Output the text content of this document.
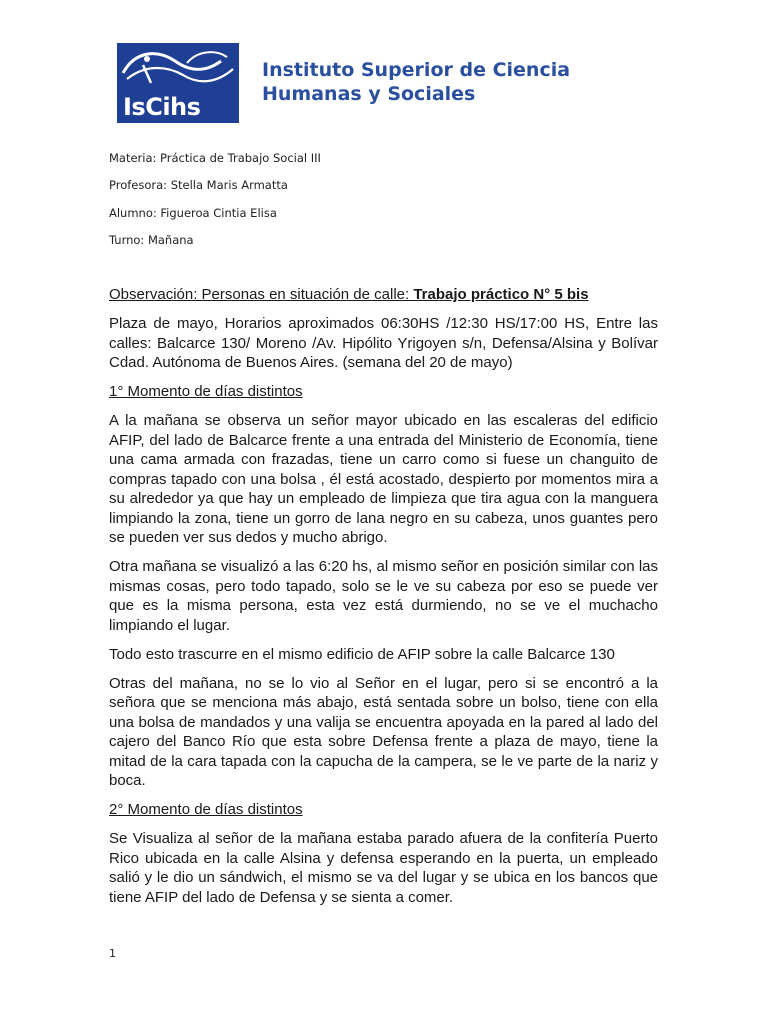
IsCihs
Instituto Superior de Ciencia
Humanas y Sociales
Materia: Práctica de Trabajo Social III
Profesora: Stella Maris Armatta
Alumno: Figueroa Cintia Elisa
Turno: Mañana

Observación: Personas en situación de calle: Trabajo práctico N° 5 bis

Plaza de mayo, Horarios aproximados 06:30HS /12:30 HS/17:00 HS, Entre las calles: Balcarce 130/ Moreno /Av. Hipólito Yrigoyen s/n, Defensa/Alsina y Bolívar Cdad. Autónoma de Buenos Aires. (semana del 20 de mayo)

1° Momento de días distintos

A la mañana se observa un señor mayor ubicado en las escaleras del edificio AFIP, del lado de Balcarce frente a una entrada del Ministerio de Economía, tiene una cama armada con frazadas, tiene un carro como si fuese un changuito de compras tapado con una bolsa , él está acostado, despierto por momentos mira a su alrededor ya que hay un empleado de limpieza que tira agua con la manguera limpiando la zona, tiene un gorro de lana negro en su cabeza, unos guantes pero se pueden ver sus dedos y mucho abrigo.

Otra mañana se visualizó a las 6:20 hs, al mismo señor en posición similar con las mismas cosas, pero todo tapado, solo se le ve su cabeza por eso se puede ver que es la misma persona, esta vez está durmiendo, no se ve el muchacho limpiando el lugar.

Todo esto trascurre en el mismo edificio de AFIP sobre la calle Balcarce 130

Otras del mañana, no se lo vio al Señor en el lugar, pero si se encontró a la señora que se menciona más abajo, está sentada sobre un bolso, tiene con ella una bolsa de mandados y una valija se encuentra apoyada en la pared al lado del cajero del Banco Río que esta sobre Defensa frente a plaza de mayo, tiene la mitad de la cara tapada con la capucha de la campera, se le ve parte de la nariz y boca.

2° Momento de días distintos

Se Visualiza al señor de la mañana estaba parado afuera de la confitería Puerto Rico ubicada en la calle Alsina y defensa esperando en la puerta, un empleado salió y le dio un sándwich, el mismo se va del lugar y se ubica en los bancos que tiene AFIP del lado de Defensa y se sienta a comer.

1
